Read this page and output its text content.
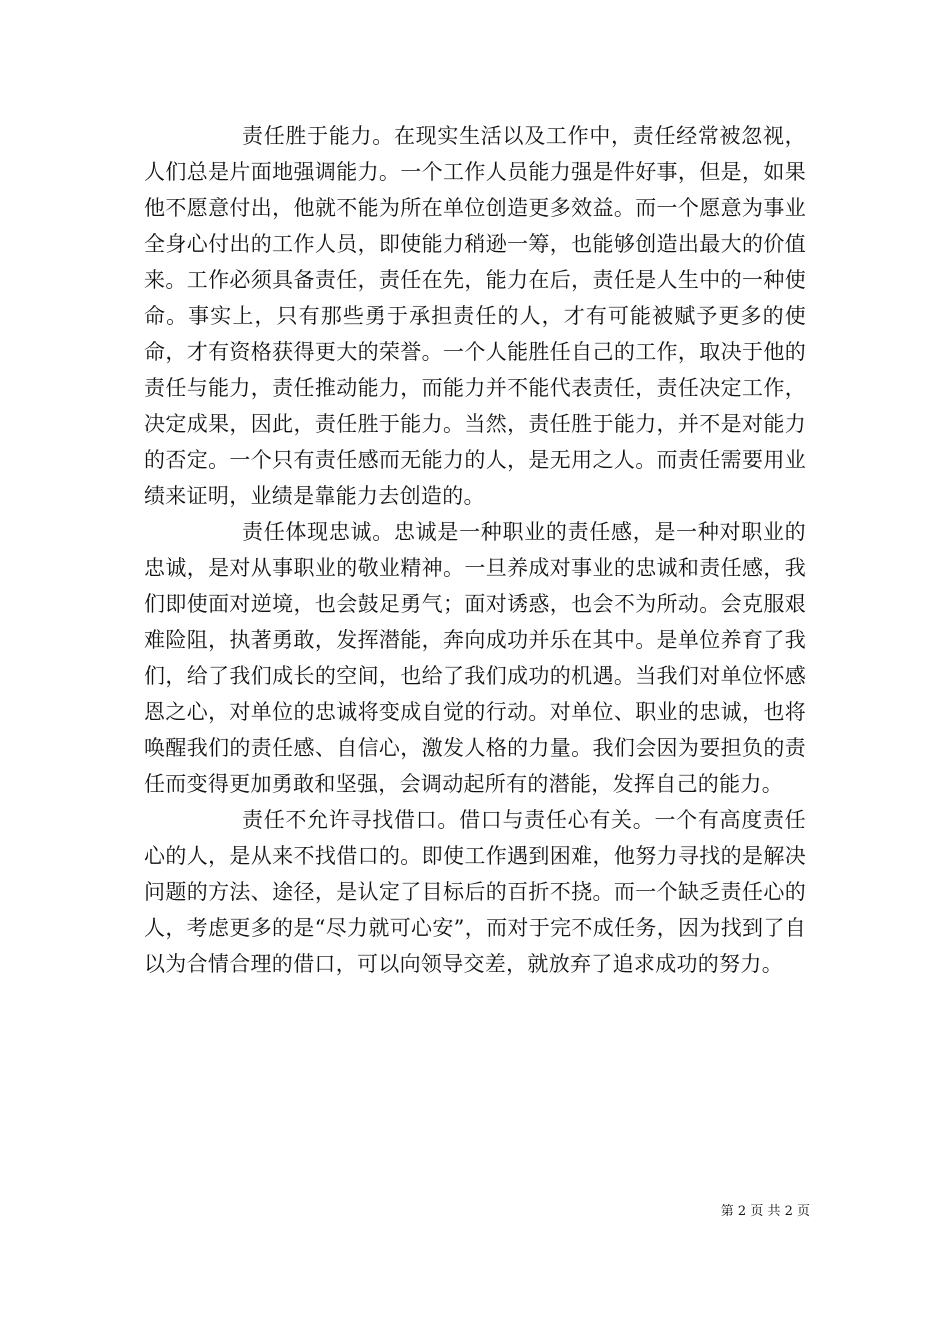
责任胜于能力。在现实生活以及工作中，责任经常被忽视，人们总是片面地强调能力。一个工作人员能力强是件好事，但是，如果他不愿意付出，他就不能为所在单位创造更多效益。而一个愿意为事业全身心付出的工作人员，即使能力稍逊一筹，也能够创造出最大的价值来。工作必须具备责任，责任在先，能力在后，责任是人生中的一种使命。事实上，只有那些勇于承担责任的人，才有可能被赋予更多的使命，才有资格获得更大的荣誉。一个人能胜任自己的工作，取决于他的责任与能力，责任推动能力，而能力并不能代表责任，责任决定工作，决定成果，因此，责任胜于能力。当然，责任胜于能力，并不是对能力的否定。一个只有责任感而无能力的人，是无用之人。而责任需要用业绩来证明，业绩是靠能力去创造的。

责任体现忠诚。忠诚是一种职业的责任感，是一种对职业的忠诚，是对从事职业的敬业精神。一旦养成对事业的忠诚和责任感，我们即使面对逆境，也会鼓足勇气；面对诱惑，也会不为所动。会克服艰难险阻，执著勇敢，发挥潜能，奔向成功并乐在其中。是单位养育了我们，给了我们成长的空间，也给了我们成功的机遇。当我们对单位怀感恩之心，对单位的忠诚将变成自觉的行动。对单位、职业的忠诚，也将唤醒我们的责任感、自信心，激发人格的力量。我们会因为要担负的责任而变得更加勇敢和坚强，会调动起所有的潜能，发挥自己的能力。

责任不允许寻找借口。借口与责任心有关。一个有高度责任心的人，是从来不找借口的。即使工作遇到困难，他努力寻找的是解决问题的方法、途径，是认定了目标后的百折不挠。而一个缺乏责任心的人，考虑更多的是“尽力就可心安”，而对于完不成任务，因为找到了自以为合情合理的借口，可以向领导交差，就放弃了追求成功的努力。

第 2 页 共 2 页
